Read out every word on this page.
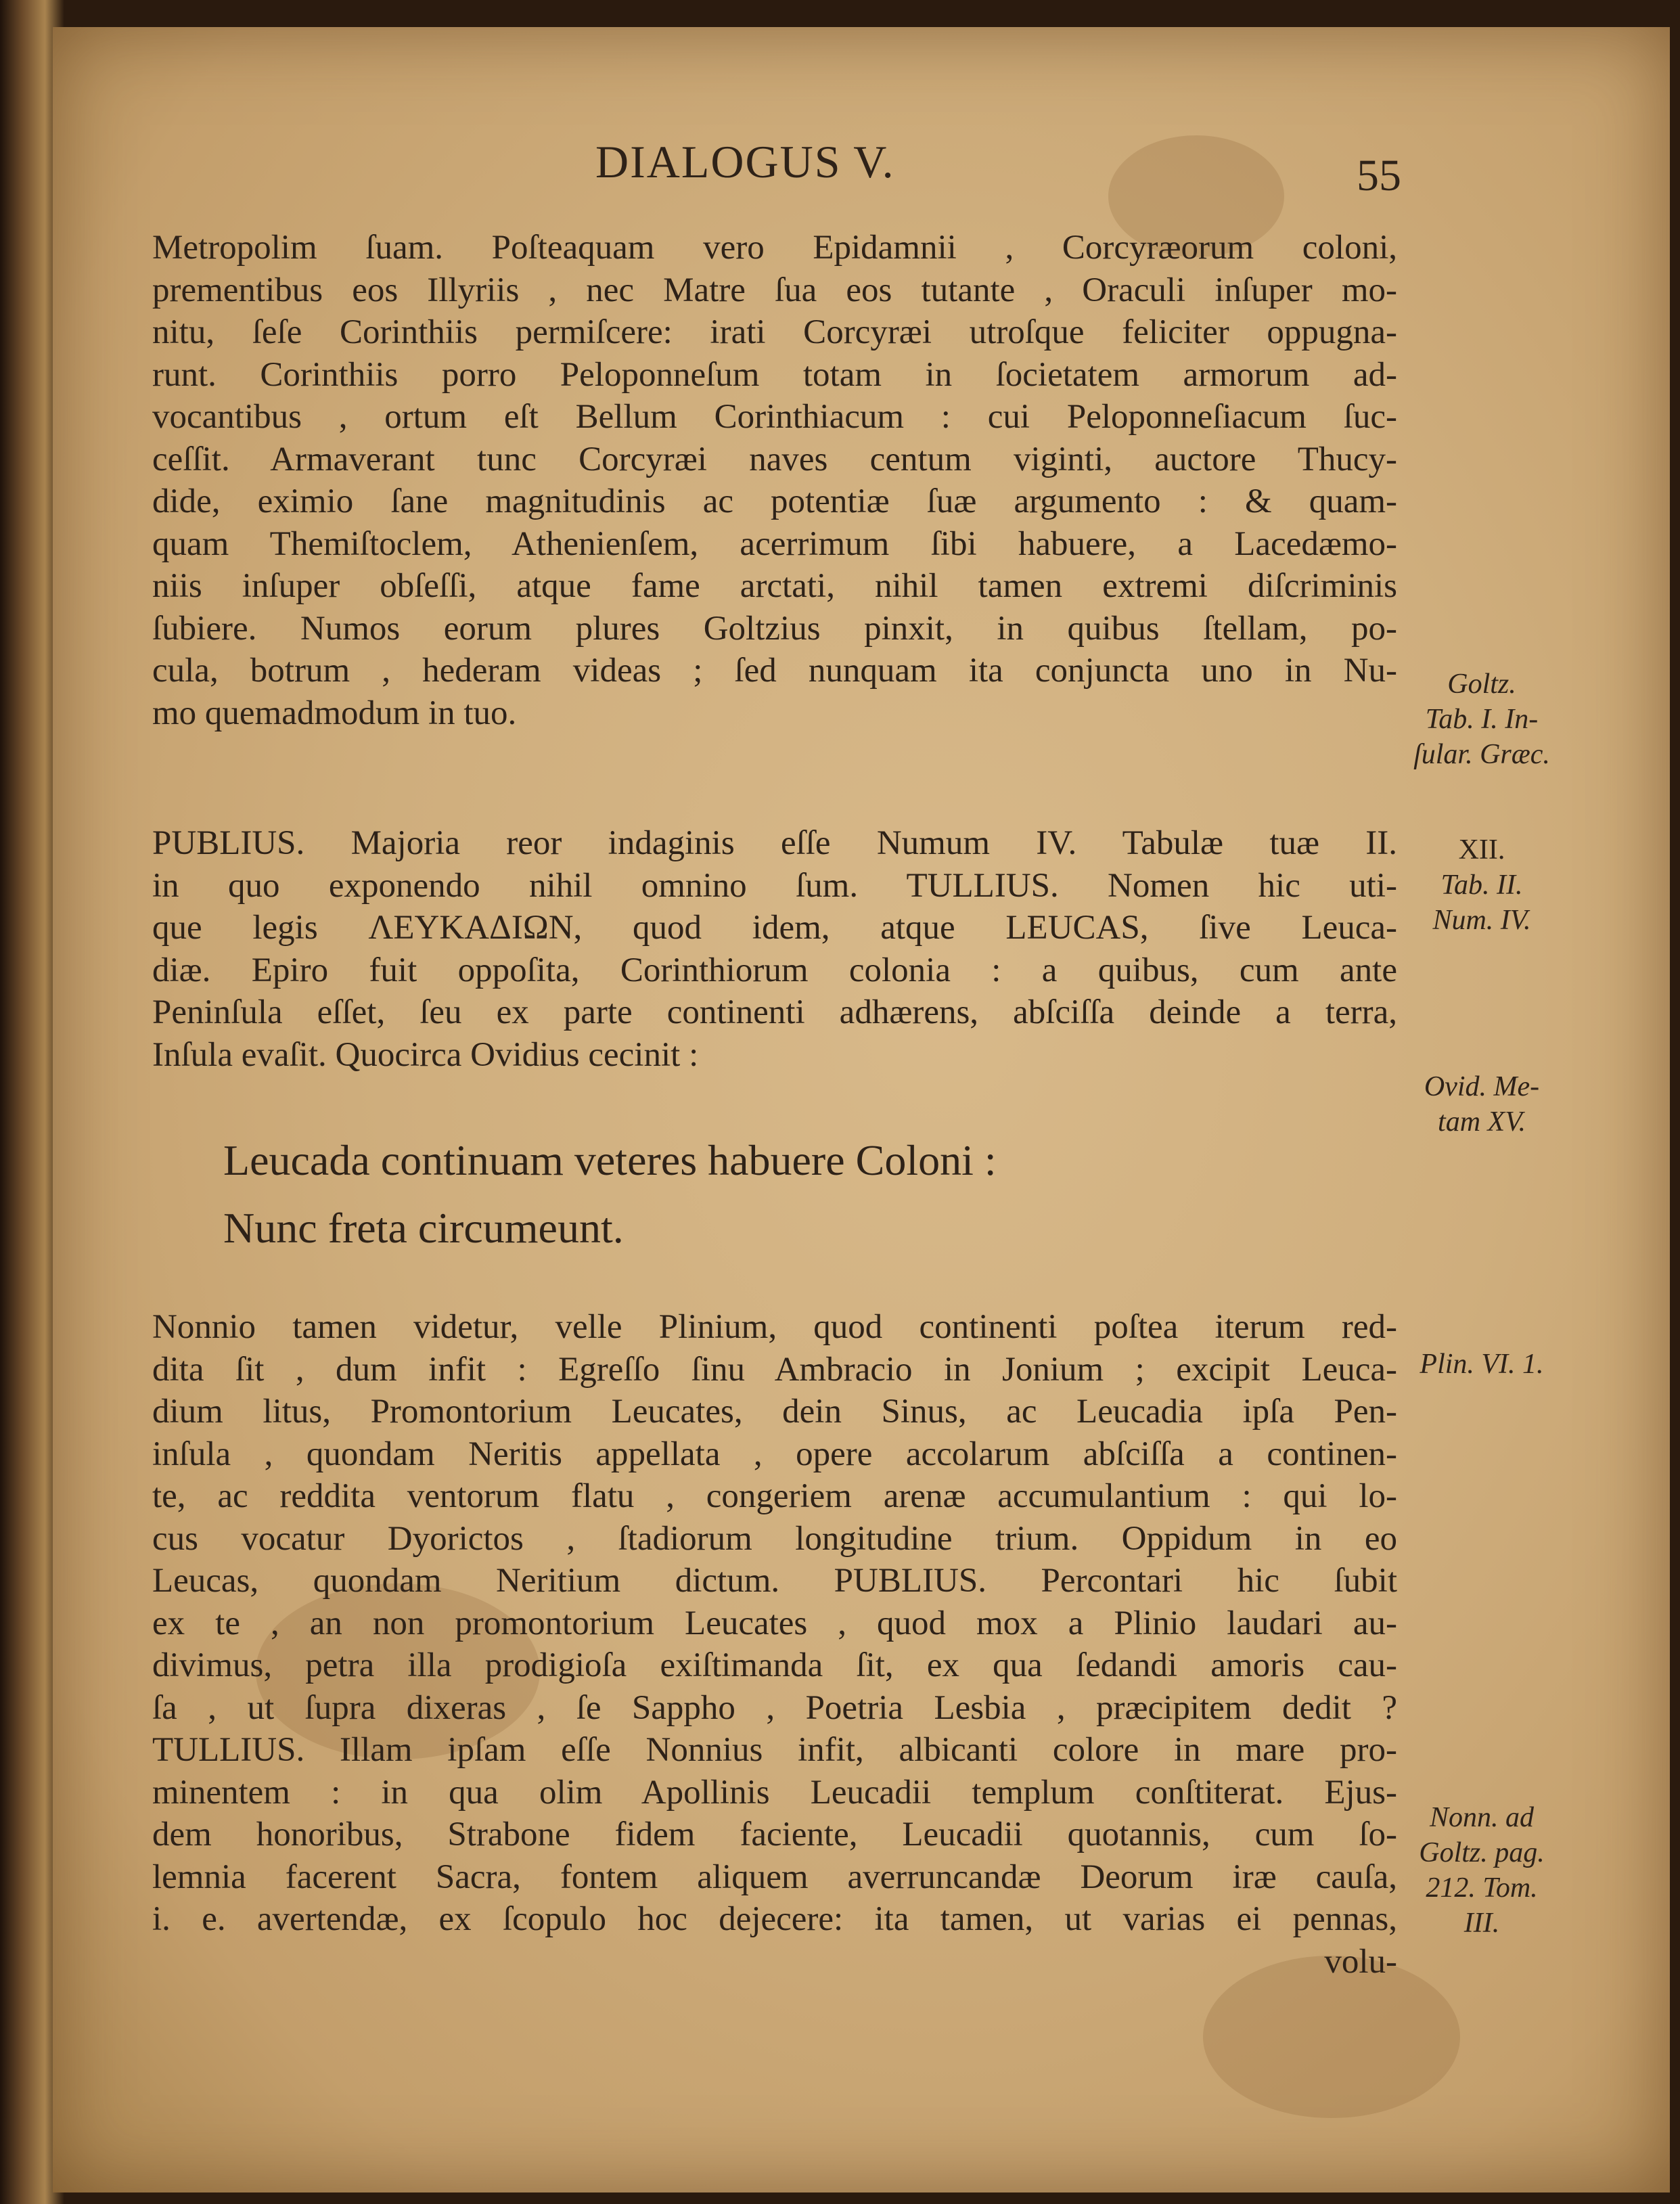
DIALOGUS V.	55
Metropolim ſuam. Poſteaquam vero Epidamnii , Corcyræorum coloni,
prementibus eos Illyriis , nec Matre ſua eos tutante , Oraculi inſuper mo-
nitu, ſeſe Corinthiis permiſcere: irati Corcyræi utroſque feliciter oppugna-
runt. Corinthiis porro Peloponneſum totam in ſocietatem armorum ad-
vocantibus , ortum eſt Bellum Corinthiacum : cui Peloponneſiacum ſuc-
ceſſit. Armaverant tunc Corcyræi naves centum viginti, auctore Thucy-
dide, eximio ſane magnitudinis ac potentiæ ſuæ argumento : & quam-
quam Themiſtoclem, Athenienſem, acerrimum ſibi habuere, a Lacedæmo-
niis inſuper obſeſſi, atque fame arctati, nihil tamen extremi diſcriminis
ſubiere. Numos eorum plures Goltzius pinxit, in quibus ſtellam, po-
cula, botrum , hederam videas ; ſed nunquam ita conjuncta uno in Nu-
mo quemadmodum in tuo.
PUBLIUS. Majoria reor indaginis eſſe Numum IV. Tabulæ tuæ II.
in quo exponendo nihil omnino ſum. TULLIUS. Nomen hic uti-
que legis ΛΕΥΚΑΔΙΩΝ, quod idem, atque LEUCAS, ſive Leuca-
diæ. Epiro fuit oppoſita, Corinthiorum colonia : a quibus, cum ante
Peninſula eſſet, ſeu ex parte continenti adhærens, abſciſſa deinde a terra,
Inſula evaſit. Quocirca Ovidius cecinit :
Leucada continuam veteres habuere Coloni :
Nunc freta circumeunt.
Nonnio tamen videtur, velle Plinium, quod continenti poſtea iterum red-
dita ſit , dum infit : Egreſſo ſinu Ambracio in Jonium ; excipit Leuca-
dium litus, Promontorium Leucates, dein Sinus, ac Leucadia ipſa Pen-
inſula , quondam Neritis appellata , opere accolarum abſciſſa a continen-
te, ac reddita ventorum flatu , congeriem arenæ accumulantium : qui lo-
cus vocatur Dyorictos , ſtadiorum longitudine trium. Oppidum in eo
Leucas, quondam Neritium dictum. PUBLIUS. Percontari hic ſubit
ex te , an non promontorium Leucates , quod mox a Plinio laudari au-
divimus, petra illa prodigioſa exiſtimanda ſit, ex qua ſedandi amoris cau-
ſa , ut ſupra dixeras , ſe Sappho , Poetria Lesbia , præcipitem dedit ?
TULLIUS. Illam ipſam eſſe Nonnius infit, albicanti colore in mare pro-
minentem : in qua olim Apollinis Leucadii templum conſtiterat. Ejus-
dem honoribus, Strabone fidem faciente, Leucadii quotannis, cum ſo-
lemnia facerent Sacra, fontem aliquem averruncandæ Deorum iræ cauſa,
i. e. avertendæ, ex ſcopulo hoc dejecere: ita tamen, ut varias ei pennas,
volu-
Goltz.
Tab. I. In-
ſular. Græc.
XII.
Tab. II.
Num. IV.
Ovid. Me-
tam XV.
Plin. VI. 1.
Nonn. ad
Goltz. pag.
212. Tom.
III.
